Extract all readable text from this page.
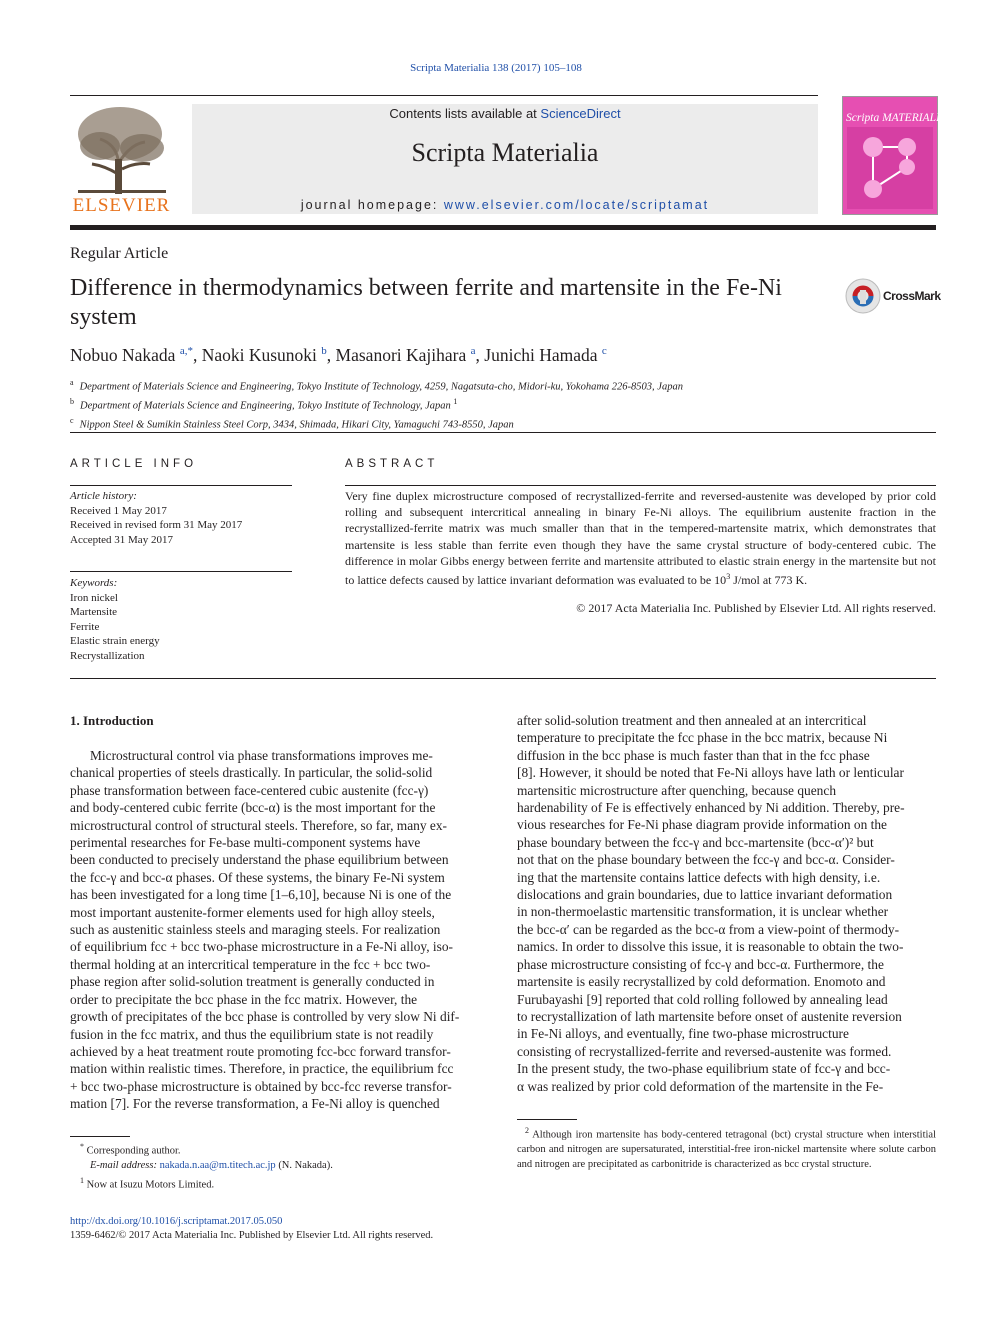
Scripta Materialia 138 (2017) 105–108
ELSEVIER
Contents lists available at ScienceDirect
Scripta Materialia
journal homepage: www.elsevier.com/locate/scriptamat
Scripta MATERIALIA
Regular Article
Difference in thermodynamics between ferrite and martensite in the Fe-Ni system
CrossMark
Nobuo Nakada $^{a,*}$, Naoki Kusunoki $^b$, Masanori Kajihara $^a$, Junichi Hamada $^c$
$^a$ Department of Materials Science and Engineering, Tokyo Institute of Technology, 4259, Nagatsuta-cho, Midori-ku, Yokohama 226-8503, Japan
$^b$ Department of Materials Science and Engineering, Tokyo Institute of Technology, Japan $^1$
$^c$ Nippon Steel & Sumikin Stainless Steel Corp, 3434, Shimada, Hikari City, Yamaguchi 743-8550, Japan
ARTICLE INFO
Article history:
Received 1 May 2017
Received in revised form 31 May 2017
Accepted 31 May 2017
Keywords:
Iron nickel
Martensite
Ferrite
Elastic strain energy
Recrystallization
ABSTRACT
Very fine duplex microstructure composed of recrystallized-ferrite and reversed-austenite was developed by prior cold rolling and subsequent intercritical annealing in binary Fe-Ni alloys. The equilibrium austenite fraction in the recrystallized-ferrite matrix was much smaller than that in the tempered-martensite matrix, which demonstrates that martensite is less stable than ferrite even though they have the same crystal structure of body-centered cubic. The difference in molar Gibbs energy between ferrite and martensite attributed to elastic strain energy in the martensite but not to lattice defects caused by lattice invariant deformation was evaluated to be $10^3$ J/mol at 773 K.
© 2017 Acta Materialia Inc. Published by Elsevier Ltd. All rights reserved.
1. Introduction
Microstructural control via phase transformations improves me-
chanical properties of steels drastically. In particular, the solid-solid
phase transformation between face-centered cubic austenite (fcc-γ)
and body-centered cubic ferrite (bcc-α) is the most important for the
microstructural control of structural steels. Therefore, so far, many ex-
perimental researches for Fe-base multi-component systems have
been conducted to precisely understand the phase equilibrium between
the fcc-γ and bcc-α phases. Of these systems, the binary Fe-Ni system
has been investigated for a long time [1–6,10], because Ni is one of the
most important austenite-former elements used for high alloy steels,
such as austenitic stainless steels and maraging steels. For realization
of equilibrium fcc + bcc two-phase microstructure in a Fe-Ni alloy, iso-
thermal holding at an intercritical temperature in the fcc + bcc two-
phase region after solid-solution treatment is generally conducted in
order to precipitate the bcc phase in the fcc matrix. However, the
growth of precipitates of the bcc phase is controlled by very slow Ni dif-
fusion in the fcc matrix, and thus the equilibrium state is not readily
achieved by a heat treatment route promoting fcc-bcc forward transfor-
mation within realistic times. Therefore, in practice, the equilibrium fcc
+ bcc two-phase microstructure is obtained by bcc-fcc reverse transfor-
mation [7]. For the reverse transformation, a Fe-Ni alloy is quenched
after solid-solution treatment and then annealed at an intercritical
temperature to precipitate the fcc phase in the bcc matrix, because Ni
diffusion in the bcc phase is much faster than that in the fcc phase
[8]. However, it should be noted that Fe-Ni alloys have lath or lenticular
martensitic microstructure after quenching, because quench
hardenability of Fe is effectively enhanced by Ni addition. Thereby, pre-
vious researches for Fe-Ni phase diagram provide information on the
phase boundary between the fcc-γ and bcc-martensite (bcc-α′)² but
not that on the phase boundary between the fcc-γ and bcc-α. Consider-
ing that the martensite contains lattice defects with high density, i.e.
dislocations and grain boundaries, due to lattice invariant deformation
in non-thermoelastic martensitic transformation, it is unclear whether
the bcc-α′ can be regarded as the bcc-α from a view-point of thermody-
namics. In order to dissolve this issue, it is reasonable to obtain the two-
phase microstructure consisting of fcc-γ and bcc-α. Furthermore, the
martensite is easily recrystallized by cold deformation. Enomoto and
Furubayashi [9] reported that cold rolling followed by annealing lead
to recrystallization of lath martensite before onset of austenite reversion
in Fe-Ni alloys, and eventually, fine two-phase microstructure
consisting of recrystallized-ferrite and reversed-austenite was formed.
In the present study, the two-phase equilibrium state of fcc-γ and bcc-
α was realized by prior cold deformation of the martensite in the Fe-
* Corresponding author.
E-mail address: nakada.n.aa@m.titech.ac.jp (N. Nakada).
$^1$ Now at Isuzu Motors Limited.
$^2$ Although iron martensite has body-centered tetragonal (bct) crystal structure when interstitial carbon and nitrogen are supersaturated, interstitial-free iron-nickel martensite where solute carbon and nitrogen are precipitated as carbonitride is characterized as bcc crystal structure.
http://dx.doi.org/10.1016/j.scriptamat.2017.05.050
1359-6462/© 2017 Acta Materialia Inc. Published by Elsevier Ltd. All rights reserved.
